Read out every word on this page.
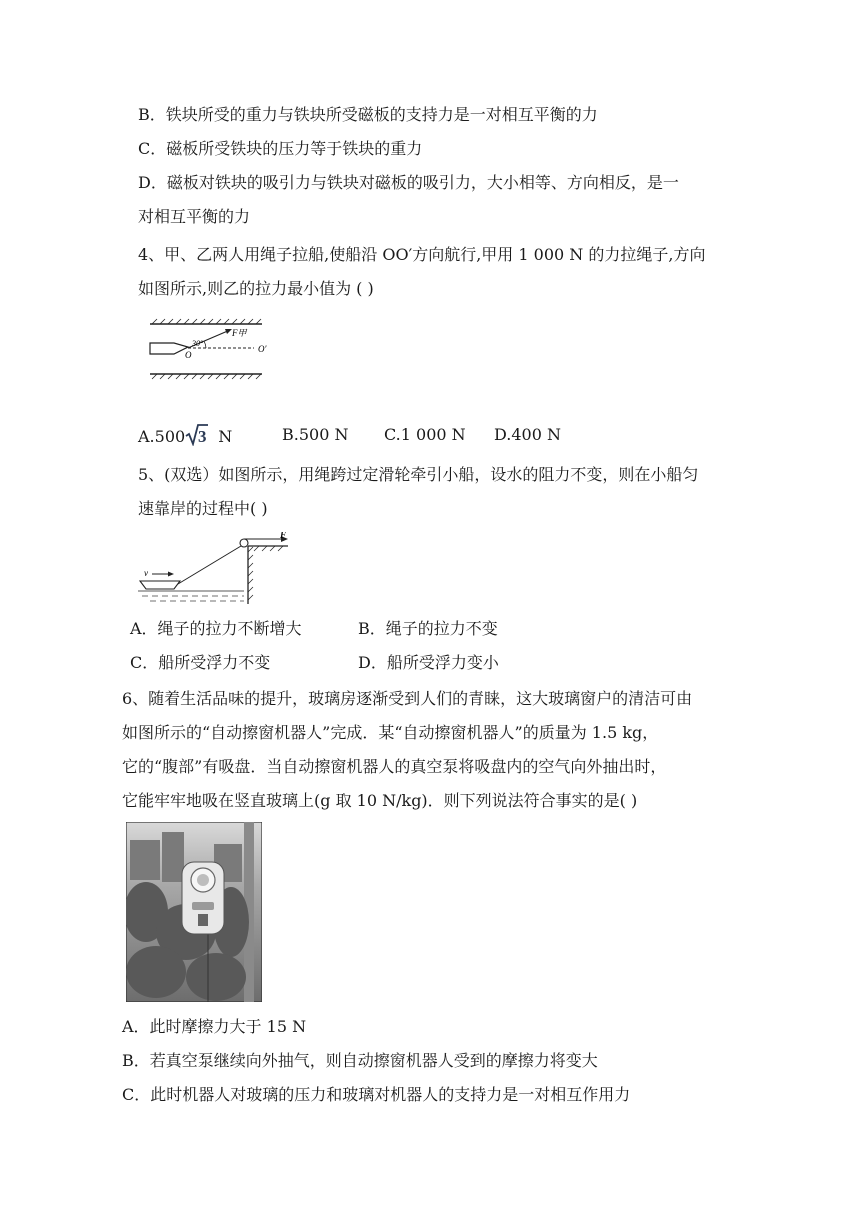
B．铁块所受的重力与铁块所受磁板的支持力是一对相互平衡的力
C．磁板所受铁块的压力等于铁块的重力
D．磁板对铁块的吸引力与铁块对磁板的吸引力，大小相等、方向相反，是一
对相互平衡的力
4、甲、乙两人用绳子拉船,使船沿 OO′方向航行,甲用 1 000 N 的力拉绳子,方向
如图所示,则乙的拉力最小值为 ( )
30°
F甲
O
O′
A.500 3 N	B.500 N C.1 000 N D.400 N
5、(双选）如图所示，用绳跨过定滑轮牵引小船，设水的阻力不变，则在小船匀
速靠岸的过程中( )
F
v
A．绳子的拉力不断增大	B．绳子的拉力不变
C．船所受浮力不变	D．船所受浮力变小
6、随着生活品味的提升，玻璃房逐渐受到人们的青睐，这大玻璃窗户的清洁可由
如图所示的“自动擦窗机器人”完成．某“自动擦窗机器人”的质量为 1.5 kg，
它的“腹部”有吸盘．当自动擦窗机器人的真空泵将吸盘内的空气向外抽出时，
它能牢牢地吸在竖直玻璃上(g 取 10 N/kg)．则下列说法符合事实的是( )
A．此时摩擦力大于 15 N
B．若真空泵继续向外抽气，则自动擦窗机器人受到的摩擦力将变大
C．此时机器人对玻璃的压力和玻璃对机器人的支持力是一对相互作用力
